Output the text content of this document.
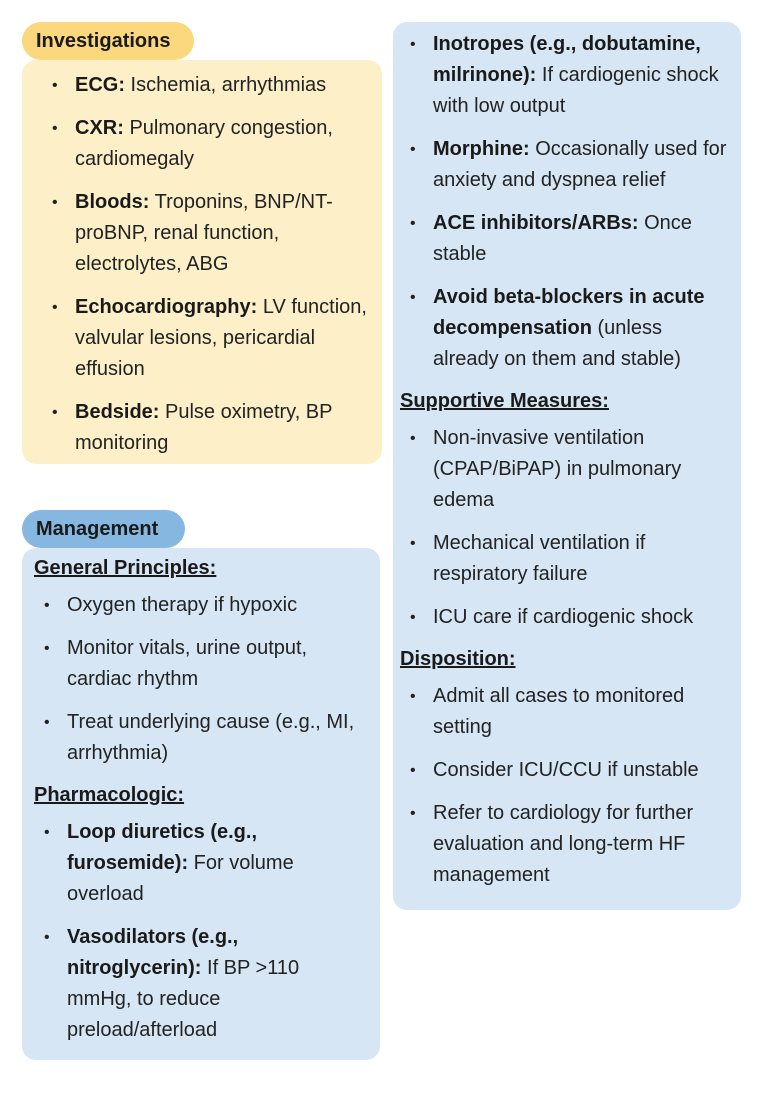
Investigations
• ECG: Ischemia, arrhythmias
• CXR: Pulmonary congestion, cardiomegaly
• Bloods: Troponins, BNP/NT-proBNP, renal function, electrolytes, ABG
• Echocardiography: LV function, valvular lesions, pericardial effusion
• Bedside: Pulse oximetry, BP monitoring
Management
General Principles:
• Oxygen therapy if hypoxic
• Monitor vitals, urine output, cardiac rhythm
• Treat underlying cause (e.g., MI, arrhythmia)
Pharmacologic:
• Loop diuretics (e.g., furosemide): For volume overload
• Vasodilators (e.g., nitroglycerin): If BP >110 mmHg, to reduce preload/afterload
• Inotropes (e.g., dobutamine, milrinone): If cardiogenic shock with low output
• Morphine: Occasionally used for anxiety and dyspnea relief
• ACE inhibitors/ARBs: Once stable
• Avoid beta-blockers in acute decompensation (unless already on them and stable)
Supportive Measures:
• Non-invasive ventilation (CPAP/BiPAP) in pulmonary edema
• Mechanical ventilation if respiratory failure
• ICU care if cardiogenic shock
Disposition:
• Admit all cases to monitored setting
• Consider ICU/CCU if unstable
• Refer to cardiology for further evaluation and long-term HF management
